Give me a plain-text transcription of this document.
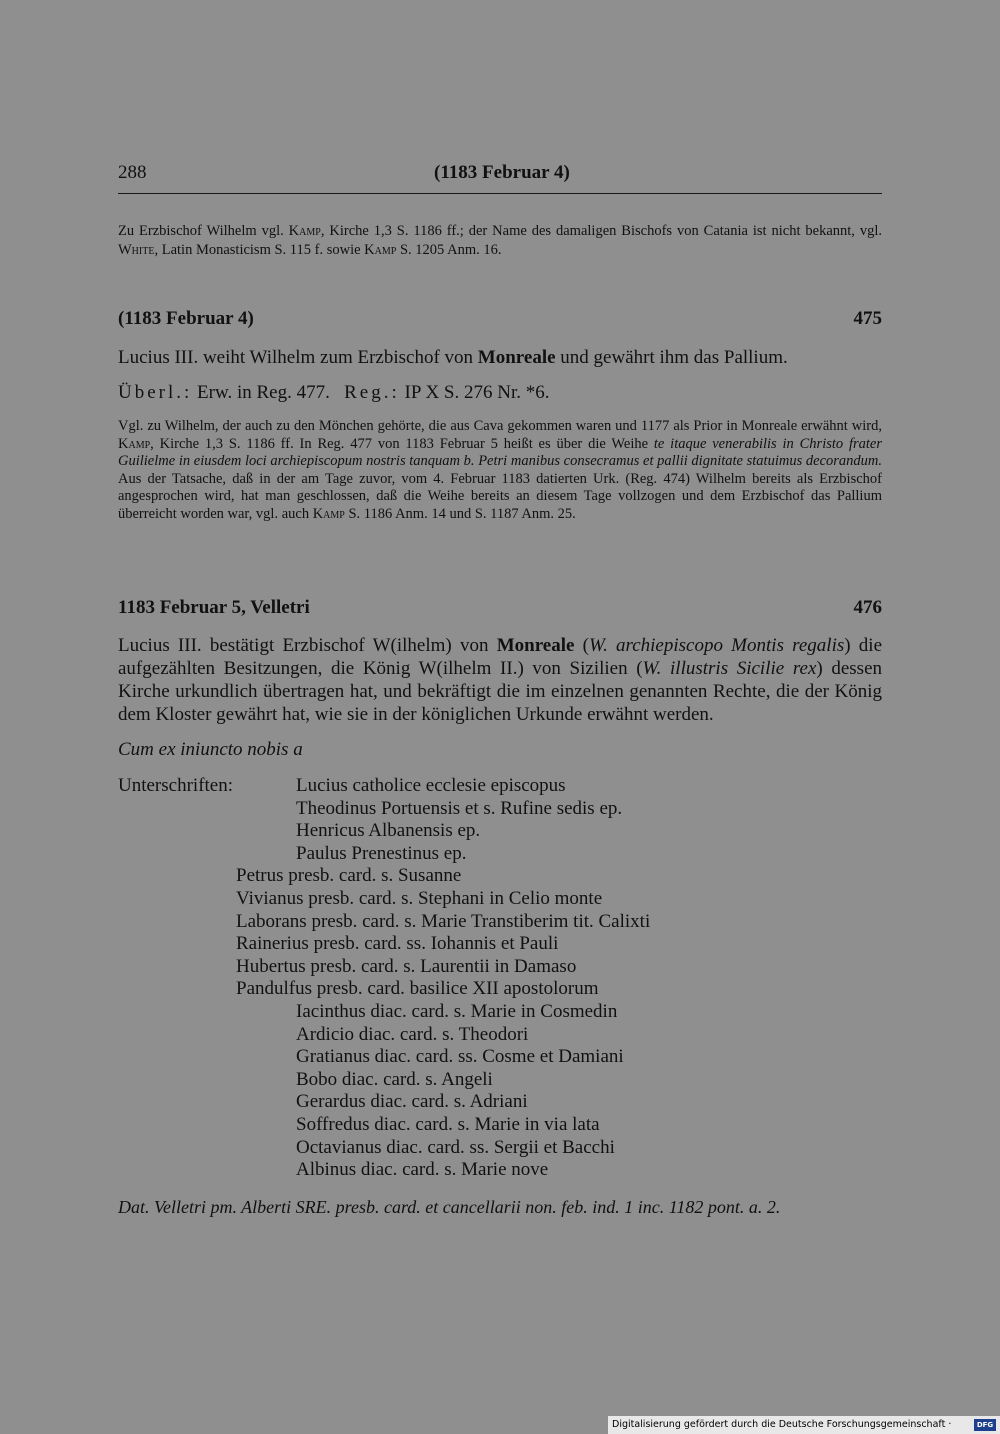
288	(1183 Februar 4)
Zu Erzbischof Wilhelm vgl. Kamp, Kirche 1,3 S. 1186 ff.; der Name des damaligen Bischofs von Catania ist nicht bekannt, vgl. White, Latin Monasticism S. 115 f. sowie Kamp S. 1205 Anm. 16.
(1183 Februar 4)	475
Lucius III. weiht Wilhelm zum Erzbischof von Monreale und gewährt ihm das Pallium.
Überl.: Erw. in Reg. 477.   Reg.: IP X S. 276 Nr. *6.
Vgl. zu Wilhelm, der auch zu den Mönchen gehörte, die aus Cava gekommen waren und 1177 als Prior in Monreale erwähnt wird, Kamp, Kirche 1,3 S. 1186 ff. In Reg. 477 von 1183 Februar 5 heißt es über die Weihe te itaque venerabilis in Christo frater Guilielme in eiusdem loci archiepiscopum nostris tanquam b. Petri manibus consecramus et pallii dignitate statuimus decorandum. Aus der Tatsache, daß in der am Tage zuvor, vom 4. Februar 1183 datierten Urk. (Reg. 474) Wilhelm bereits als Erzbischof angesprochen wird, hat man geschlossen, daß die Weihe bereits an diesem Tage vollzogen und dem Erzbischof das Pallium überreicht worden war, vgl. auch Kamp S. 1186 Anm. 14 und S. 1187 Anm. 25.
1183 Februar 5, Velletri	476
Lucius III. bestätigt Erzbischof W(ilhelm) von Monreale (W. archiepiscopo Montis regalis) die aufgezählten Besitzungen, die König W(ilhelm II.) von Sizilien (W. illustris Sicilie rex) dessen Kirche urkundlich übertragen hat, und bekräftigt die im einzelnen genannten Rechte, die der König dem Kloster gewährt hat, wie sie in der königlichen Urkunde erwähnt werden.
Cum ex iniuncto nobis a
Unterschriften:	Lucius catholice ecclesie episcopus
Theodinus Portuensis et s. Rufine sedis ep.
Henricus Albanensis ep.
Paulus Prenestinus ep.
Petrus presb. card. s. Susanne
Vivianus presb. card. s. Stephani in Celio monte
Laborans presb. card. s. Marie Transtiberim tit. Calixti
Rainerius presb. card. ss. Iohannis et Pauli
Hubertus presb. card. s. Laurentii in Damaso
Pandulfus presb. card. basilice XII apostolorum
Iacinthus diac. card. s. Marie in Cosmedin
Ardicio diac. card. s. Theodori
Gratianus diac. card. ss. Cosme et Damiani
Bobo diac. card. s. Angeli
Gerardus diac. card. s. Adriani
Soffredus diac. card. s. Marie in via lata
Octavianus diac. card. ss. Sergii et Bacchi
Albinus diac. card. s. Marie nove
Dat. Velletri pm. Alberti SRE. presb. card. et cancellarii non. feb. ind. 1 inc. 1182 pont. a. 2.
Digitalisierung gefördert durch die Deutsche Forschungsgemeinschaft ·	DFG
